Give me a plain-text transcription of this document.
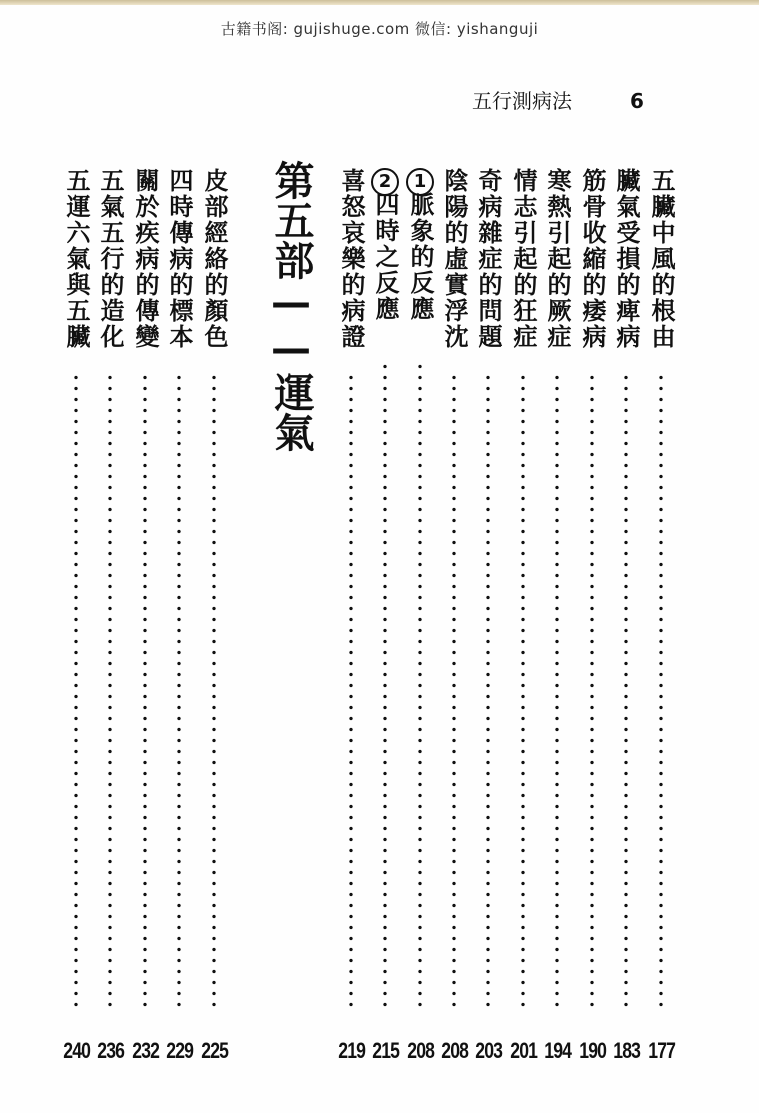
古籍书阁: gujishuge.com 微信: yishanguji
五行測病法	6
五臟中風的根由
177
臟氣受損的痺病
183
筋骨收縮的痿病
190
寒熱引起的厥症
194
情志引起的狂症
201
奇病雜症的問題
203
陰陽的虛實浮沈
208
1
脈象的反應
208
2
四時之反應
215
喜怒哀樂的病證
219
第五部——運氣
皮部經絡的顏色
225
四時傳病的標本
229
關於疾病的傳變
232
五氣五行的造化
236
五運六氣與五臟
240
